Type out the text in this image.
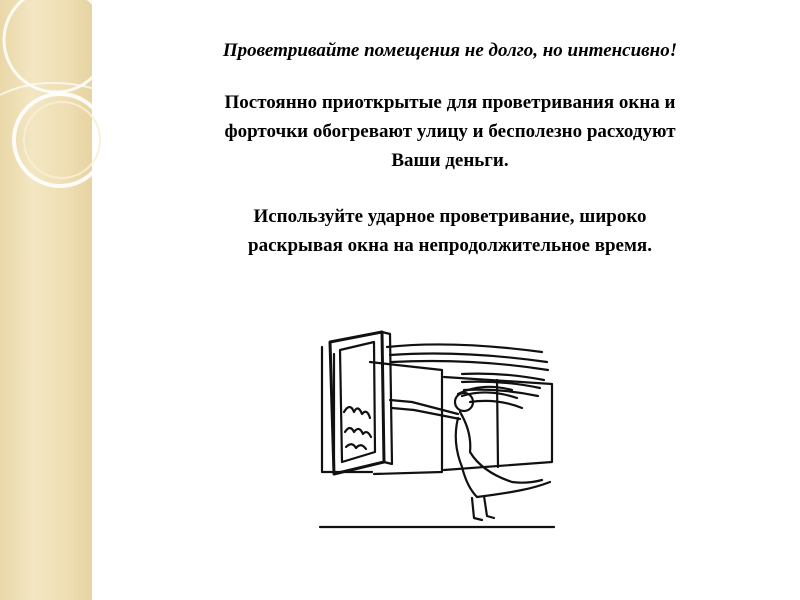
Проветривайте помещения не долго, но интенсивно!

Постоянно приоткрытые для проветривания окна и
форточки обогревают улицу и бесполезно расходуют
Ваши деньги.

Используйте ударное проветривание, широко
раскрывая окна на непродолжительное время.
